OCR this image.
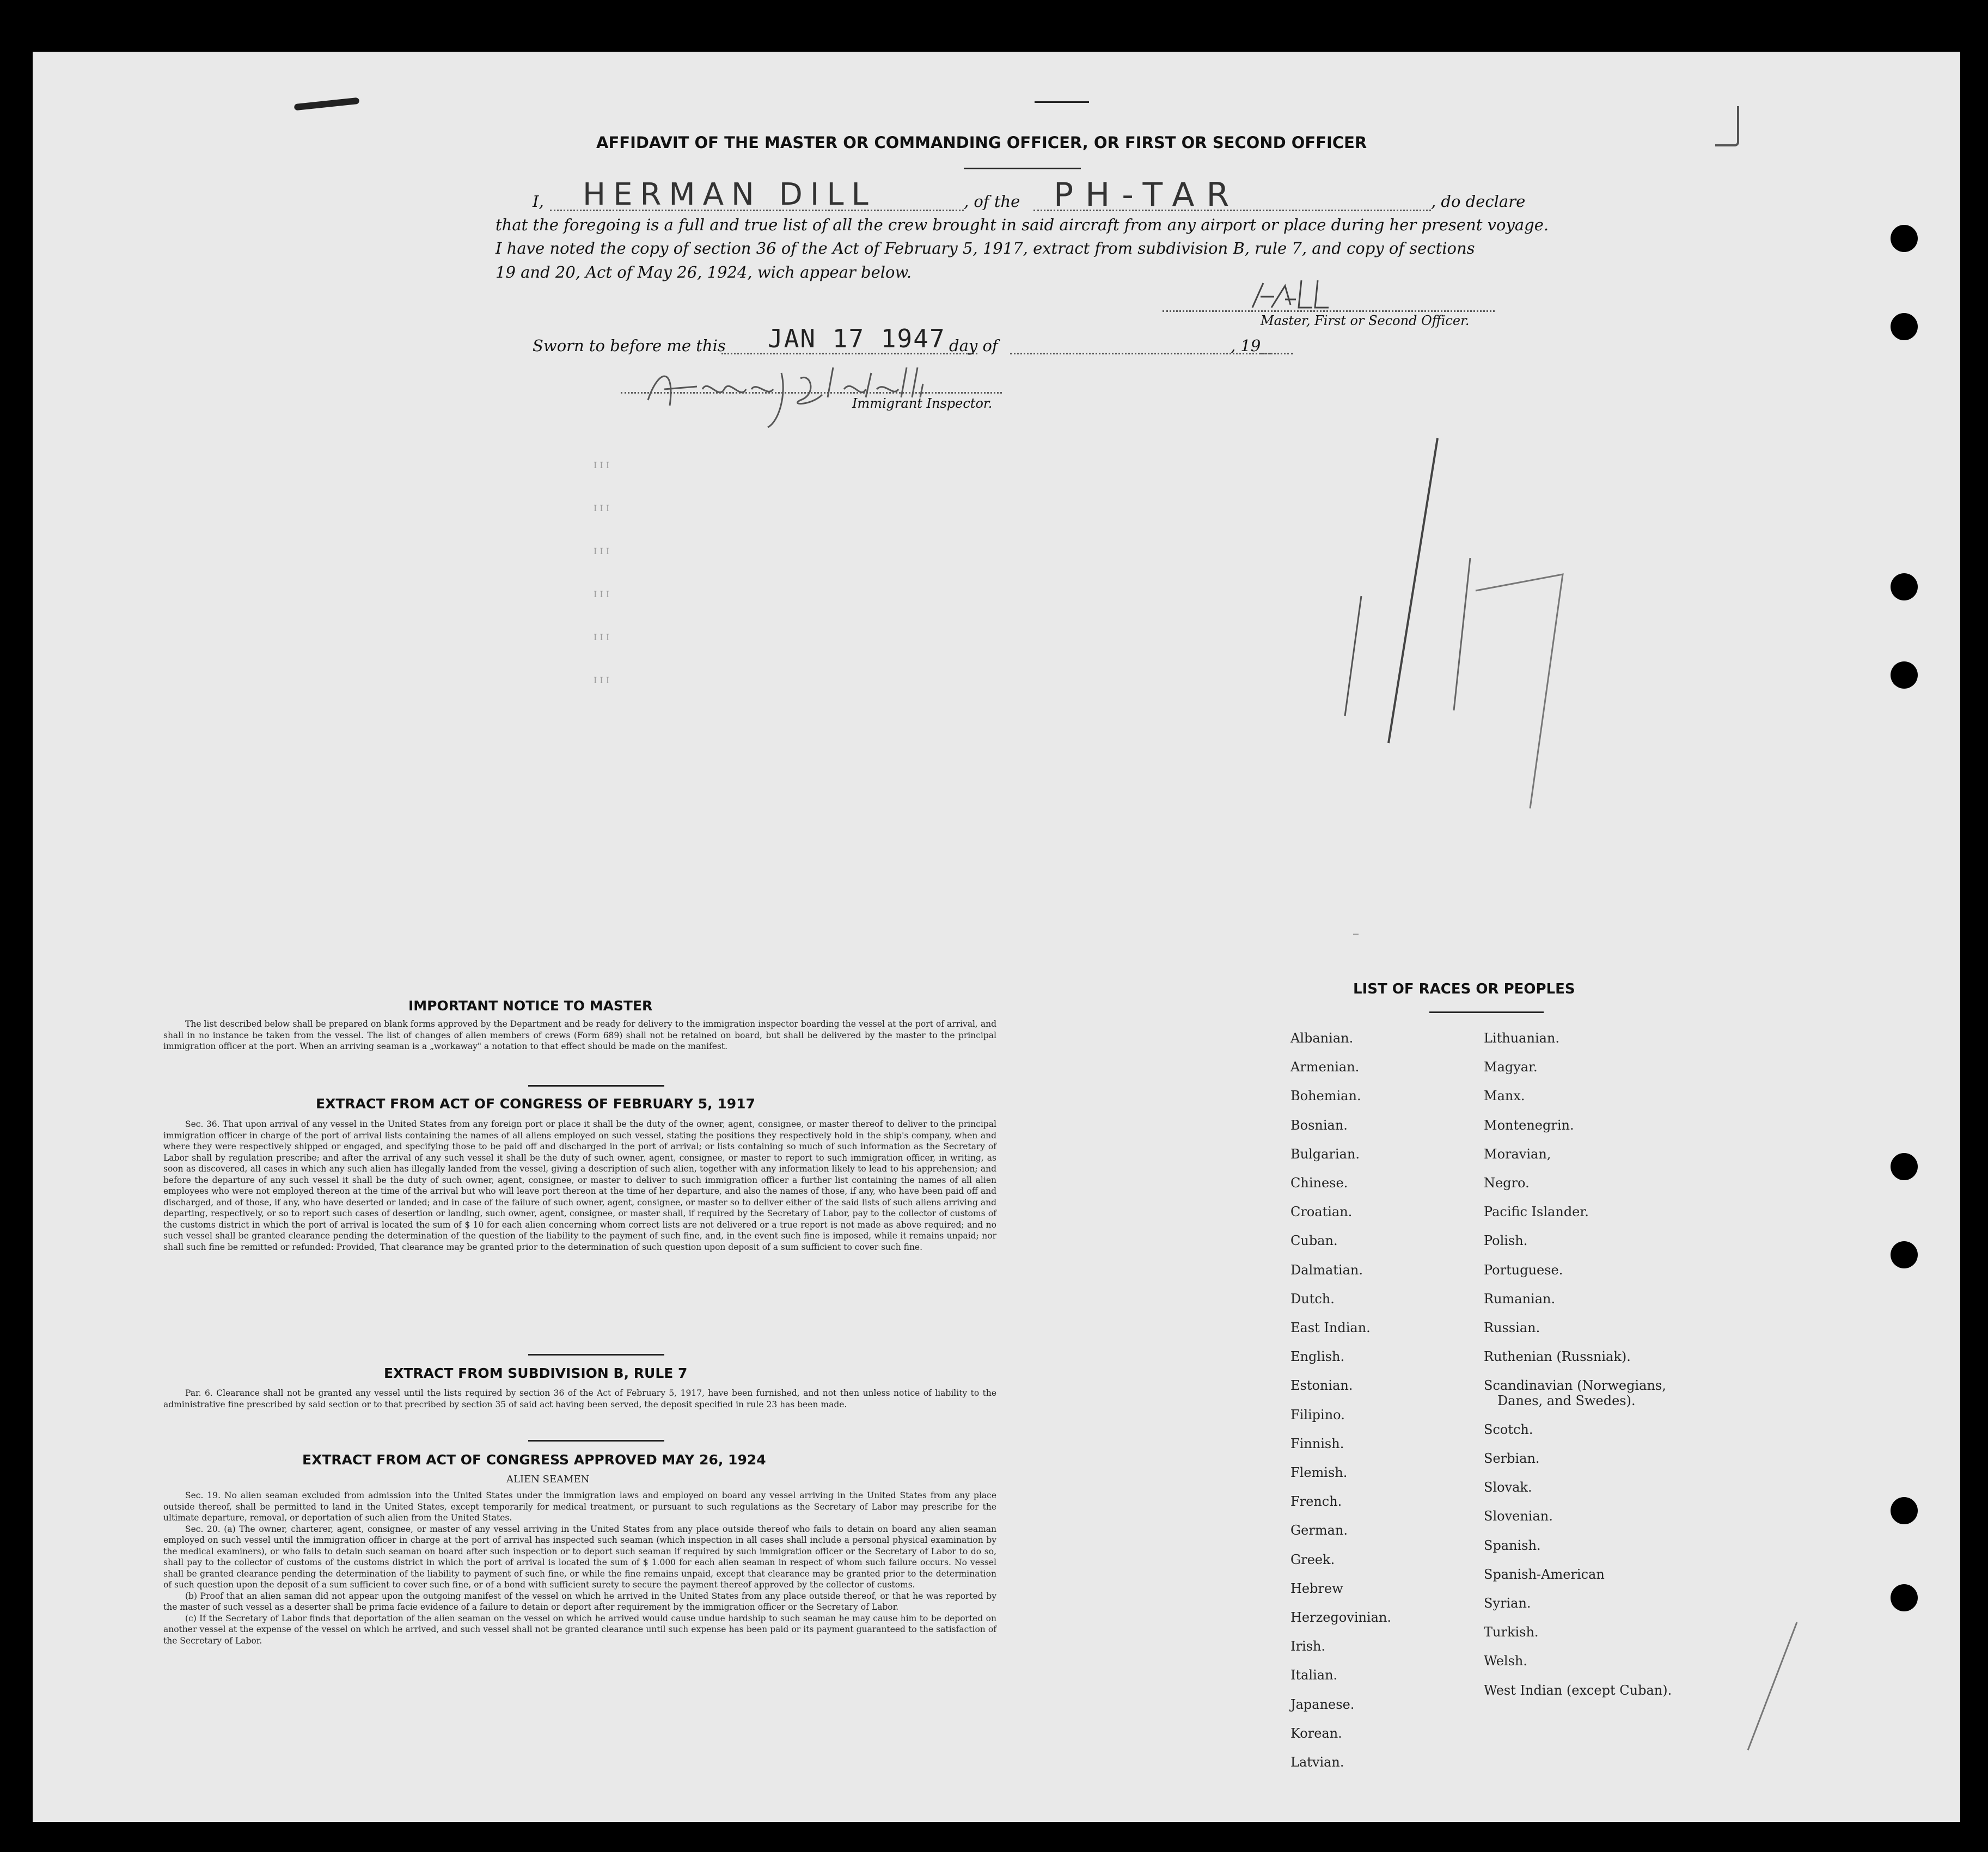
AFFIDAVIT OF THE MASTER OR COMMANDING OFFICER, OR FIRST OR SECOND OFFICER
I, HERMAN DILL	, of the PH-TAR	, do declare
that the foregoing is a full and true list of all the crew brought in said aircraft from any airport or place during her present voyage.
I have noted the copy of section 36 of the Act of February 5, 1917, extract from subdivision B, rule 7, and copy of sections
19 and 20, Act of May 26, 1924, wich appear below.
Master, First or Second Officer.
Sworn to before me this JAN 17 1947 day of	, 19
Immigrant Inspector.
I I I
I I I
I I I
I I I
I I I
I I I
IMPORTANT NOTICE TO MASTER

The list described below shall be prepared on blank forms approved by the Department and be ready for delivery to the immigration inspector boarding the vessel at the port of arrival, and shall in no instance be taken from the vessel. The list of changes of alien members of crews (Form 689) shall not be retained on board, but shall be delivered by the master to the principal immigration officer at the port. When an arriving seaman is a „workaway" a notation to that effect should be made on the manifest.

EXTRACT FROM ACT OF CONGRESS OF FEBRUARY 5, 1917

Sec. 36. That upon arrival of any vessel in the United States from any foreign port or place it shall be the duty of the owner, agent, consignee, or master thereof to deliver to the principal immigration officer in charge of the port of arrival lists containing the names of all aliens employed on such vessel, stating the positions they respectively hold in the ship's company, when and where they were respectively shipped or engaged, and specifying those to be paid off and discharged in the port of arrival; or lists containing so much of such information as the Secretary of Labor shall by regulation prescribe; and after the arrival of any such vessel it shall be the duty of such owner, agent, consignee, or master to report to such immigration officer, in writing, as soon as discovered, all cases in which any such alien has illegally landed from the vessel, giving a description of such alien, together with any information likely to lead to his apprehension; and before the departure of any such vessel it shall be the duty of such owner, agent, consignee, or master to deliver to such immigration officer a further list containing the names of all alien employees who were not employed thereon at the time of the arrival but who will leave port thereon at the time of her departure, and also the names of those, if any, who have been paid off and discharged, and of those, if any, who have deserted or landed; and in case of the failure of such owner, agent, consignee, or master so to deliver either of the said lists of such aliens arriving and departing, respectively, or so to report such cases of desertion or landing, such owner, agent, consignee, or master shall, if required by the Secretary of Labor, pay to the collector of customs of the customs district in which the port of arrival is located the sum of $ 10 for each alien concerning whom correct lists are not delivered or a true report is not made as above required; and no such vessel shall be granted clearance pending the determination of the question of the liability to the payment of such fine, and, in the event such fine is imposed, while it remains unpaid; nor shall such fine be remitted or refunded: Provided, That clearance may be granted prior to the determination of such question upon deposit of a sum sufficient to cover such fine.

EXTRACT FROM SUBDIVISION B, RULE 7

Par. 6. Clearance shall not be granted any vessel until the lists required by section 36 of the Act of February 5, 1917, have been furnished, and not then unless notice of liability to the administrative fine prescribed by said section or to that precribed by section 35 of said act having been served, the deposit specified in rule 23 has been made.

EXTRACT FROM ACT OF CONGRESS APPROVED MAY 26, 1924
ALIEN SEAMEN

Sec. 19. No alien seaman excluded from admission into the United States under the immigration laws and employed on board any vessel arriving in the United States from any place outside thereof, shall be permitted to land in the United States, except temporarily for medical treatment, or pursuant to such regulations as the Secretary of Labor may prescribe for the ultimate departure, removal, or deportation of such alien from the United States.

Sec. 20. (a) The owner, charterer, agent, consignee, or master of any vessel arriving in the United States from any place outside thereof who fails to detain on board any alien seaman employed on such vessel until the immigration officer in charge at the port of arrival has inspected such seaman (which inspection in all cases shall include a personal physical examination by the medical examiners), or who fails to detain such seaman on board after such inspection or to deport such seaman if required by such immigration officer or the Secretary of Labor to do so, shall pay to the collector of customs of the customs district in which the port of arrival is located the sum of $ 1.000 for each alien seaman in respect of whom such failure occurs. No vessel shall be granted clearance pending the determination of the liability to payment of such fine, or while the fine remains unpaid, except that clearance may be granted prior to the determination of such question upon the deposit of a sum sufficient to cover such fine, or of a bond with sufficient surety to secure the payment thereof approved by the collector of customs.

(b) Proof that an alien saman did not appear upon the outgoing manifest of the vessel on which he arrived in the United States from any place outside thereof, or that he was reported by the master of such vessel as a deserter shall be prima facie evidence of a failure to detain or deport after requirement by the immigration officer or the Secretary of Labor.

(c) If the Secretary of Labor finds that deportation of the alien seaman on the vessel on which he arrived would cause undue hardship to such seaman he may cause him to be deported on another vessel at the expense of the vessel on which he arrived, and such vessel shall not be granted clearance until such expense has been paid or its payment guaranteed to the satisfaction of the Secretary of Labor.

LIST OF RACES OR PEOPLES
Albanian.
Armenian.
Bohemian.
Bosnian.
Bulgarian.
Chinese.
Croatian.
Cuban.
Dalmatian.
Dutch.
East Indian.
English.
Estonian.
Filipino.
Finnish.
Flemish.
French.
German.
Greek.
Hebrew
Herzegovinian.
Irish.
Italian.
Japanese.
Korean.
Latvian.
Lithuanian.
Magyar.
Manx.
Montenegrin.
Moravian,
Negro.
Pacific Islander.
Polish.
Portuguese.
Rumanian.
Russian.
Ruthenian (Russniak).
Scandinavian (Norwegians,
Danes, and Swedes).
Scotch.
Serbian.
Slovak.
Slovenian.
Spanish.
Spanish-American
Syrian.
Turkish.
Welsh.
West Indian (except Cuban).
